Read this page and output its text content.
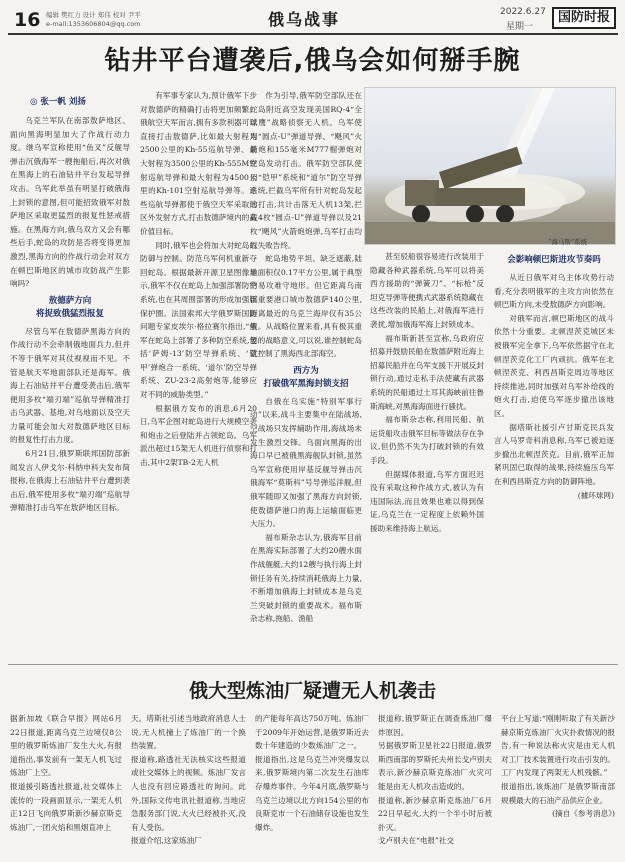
16 编辑 樊红力 设计 郑伟 校对 尹平
e-mail:1353606804@qq.com	俄乌战事	2022.6.27
星期一
国防时报
钻井平台遭袭后,俄乌会如何掰手腕
◎ 张一帆 刘扬

乌克兰军队在南部敖萨地区、面向黑海明显加大了作战行动力度。继乌军宣称使用“鱼叉”反舰导弹击沉俄海军一艘拖船后,再次对俄在黑海上的石油钻井平台发起导弹攻击。乌军此举虽有明显打破俄海上封锁的意图,但可能招致俄军对敖萨地区采取更猛烈的报复性惩戒措施。在黑海方向,俄乌双方又会有哪些后手,蛇岛的攻防是否将变得更加激烈,黑海方向的作战行动会对双方在顿巴斯地区的城市攻防战产生影响吗?

敖德萨方向
将捉致俄猛烈报复

尽管乌军在敖德萨黑海方向的作战行动不会牵制俄地面兵力,但并不等于俄军对其仗视视而不见。不管是航天军地面部队还是海军。俄海上石油钻井平台遭受袭击后,俄军便用多枚“端刃端”巡航导弹精准打击乌武器、基地,对乌地面以及空天力量可能会加大对敖德萨地区目标的报复性打击力度。

6月21日,俄罗斯联邦国防部新闻发言人伊戈尔·科纳申科夫发布简报称,在俄海上石油钻井平台遭到袭击后,俄军使用多枚“端刃端”巡航导弹精准打击乌军在敖萨地区目标。

有军事专家认为,预计俄军下步对敖德萨的精确打击将更加频繁。俄航空天军而言,拥有多款利器可以直接打击敖德萨,比如最大射程为2500公里的Kh-55巡航导弹、最大射程为3500公里的Kh-555M空射巡航导弹和最大射程为4500公里的Kh-101空射巡航导弹等。这些巡航导弹都使于俄空天军采取远区外发射方式,打击敖德萨境内的高价值目标。

同时,俄军也会将加大对蛇岛的防御与控制。防范乌军何机重新夺回蛇岛。根据最新开源卫星图像显示,俄军不仅在蛇岛上加强部署防空系统,也在其周围部署的形成加强版保护圈。法国索邦大学俄罗斯国防问题专家皮埃尔·格拉赛尔指出,“俄军在蛇岛上部署了多种防空系统,包括‘萨姆-13’防空导弹系统、‘铠甲’弹炮合一系统、‘道尔’防空导弹系统、ZU-23-2高射炮等,能够应对不同的威胁类型。”

根据俄方发布的消息,6月20日,乌军企图对蛇岛进行大规模空袭和炮击之后登陆并占领蛇岛。乌军派出超过15架无人机进行侦察和打击,其中2架TB-2无人机

作为引导,俄军防空部队还在蛇岛附近高空发现美国RQ-4“全球鹰”战略侦察无人机。乌军使用“圆点-U”弹道导弹、“飓风”火箭炮和155毫米M777榴弹炮对蛇岛发动打击。俄军防空部队使用“铠甲”系统和“道尔”防空导弹系统,拦截乌军所有针对蛇岛发起的打击,共计击落无人机13架,拦截4枚“圆点-U”弹道导弹以及21枚“飓风”火箭炮炮弹,乌军打击均以失败告终。

蛇岛地势平坦、缺乏遮蔽,陆地面积仅0.17平方公里,属于典型的易攻难守地形。但它距离乌南部重要港口城市敖德萨140公里,距离最近的乌克兰海岸仅有35公里。从战略位置来看,具有极其重要的战略意义,可以说,谁控制蛇岛就控制了黑海西北部海空。

西方为
打破俄军黑海封锁支招

自俄在乌实施“特别军事行动”以来,战斗主要集中在陆战场,空战场只发挥辅助作用,海战场未发生激烈交锋。乌面向黑海的出海口早已被俄黑海舰队封锁,虽然乌军宣称使用岸基反舰导弹击沉俄海军“莫斯科”号导弹巡洋舰,但俄军随即又加强了黑海方向封锁,使敖德萨港口的海上运输面临更大压力。

福布斯杂志认为,俄海军目前在黑海实际部署了大约20艘水面作战舰艇,大约12艘与执行海上封锁任务有关,持续消耗俄海上力量,不断增加俄海上封锁成本是乌克兰突破封锁的重要战术。福布斯杂志称,拖船、渔船

“海马斯”系统

甚至驳船很容易进行改装用于隐藏各种武器系统,乌军可以将美西方援助的“弹簧刀”、“标枪”反坦克导弹等便携式武器系统隐藏在这些改装的民船上,对俄海军进行袭扰,增加俄海军海上封锁成本。

福布斯新甚至宣称,乌政府应招募并鼓励民船在敖德萨附近海上招募民船并在乌军支援下开展反封锁行动,通过走私手法使藏有武器系统的民船通过土耳其海峡前往鲁斯海峡,对黑海海面进行骚扰。

福布斯杂志称,利用民船、航运货船攻击俄军目标等做法存在争议,但仍然不失为打破封锁的有效手段。

但据媒体报道,乌军方面迟迟没有采取这种作战方式,被认为有违国际法,而且效果也难以得到保证,乌克兰在一定程度上依赖外国援助来维持海上航运。

会影响顿巴斯进攻节奏吗

从近日俄军对乌主体攻势行动看,充分表明俄军的主攻方向依然在顿巴斯方向,未受敖德萨方向影响。

对俄军而言,顿巴斯地区的战斗依然十分重要。北顿涅茨克城区未被俄军完全拿下,乌军依然据守在北顿涅茨克化工厂内顽抗。俄军在北顿涅茨克、利西昌斯克周边等地区持续推进,同时加强对乌军补给线的炮火打击,迫使乌军逐步撤出该地区。

据塔斯社援引卢甘斯克民兵发言人马罗奇科消息称,乌军已被迫逐步撤出北顿涅茨克。目前,俄军正加紧巩固已取得的战果,持续施压乌军在利西昌斯克方向的防御阵地。

(據环球网)
俄大型炼油厂疑遭无人机袭击
据新加坡《联合早报》网站6月22日报道,距离乌克兰边境仅8公里的俄罗斯炼油厂发生大火,有报道指出,事发前有一架无人机飞过炼油厂上空。
报道援引路透社报道,社交媒体上流传的一段画面显示,一架无人机正12日飞向俄罗斯新沙赫京斯克炼油厂,一团火焰和黑烟直冲上
天。塔斯社引述当地政府消息人士说,无人机撞上了炼油厂的一个换热装置。
报道称,路透社无法核实这些报道或社交媒体上的视频。炼油厂发言人也没有回应路透社的询问。此外,国际文传电讯社报道称,当地应急服务部门说,大火已经被扑灭,没有人受伤。
报道介绍,这家炼油厂
的产能每年高达750万吨。炼油厂于2009年开始运营,是俄罗斯近去数十年建造的少数炼油厂之一。
报道指出,这是乌克兰冲突爆发以来,俄罗斯境内第二次发生石油库存爆炸事件。今年4月底,俄罗斯与乌克兰边境以北方向154公里的布良斯克市一个石油储存设施也发生爆炸。
报道称,俄罗斯正在调查炼油厂爆炸原因。
另据俄罗斯卫星社22日报道,俄罗斯西南部的罗斯托夫州长戈卢别夫表示,新沙赫京斯克炼油厂火灾可能是由无人机攻击造成的。
报道称,新沙赫京斯克炼油厂6月22日早起火,大约一个半小时后被扑灭。
戈卢别夫在“电报”社交
平台上写道:“刚刚听取了有关新沙赫京斯克炼油厂火灾扑救情况的报告,有一种说法称火灾是由无人机对工厂技术装置进行攻击引发的。工厂内发现了两架无人机残骸。”
报道指出,该炼油厂是俄罗斯南部规模最大的石油产品供应企业。
(摘自《参考消息》)
